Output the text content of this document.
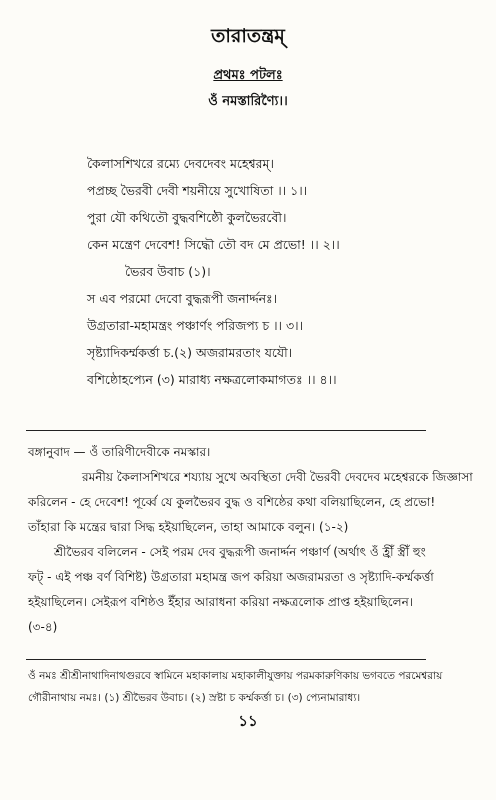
তারাতন্ত্রম্
প্রথমঃ পটলঃ
ওঁ নমস্তারিণ্যৈ।।
কৈলাসশিখরে রম্যে দেবদেবং মহেশ্বরম্।
পপ্রচ্ছ ভৈরবী দেবী শয়নীয়ে সুখোষিতা ।। ১।।
পুরা যৌ কথিতৌ বুদ্ধবশিষ্ঠৌ কুলভৈরবৌ।
কেন মন্ত্রেণ দেবেশ! সিদ্ধৌ তৌ বদ মে প্রভো! ।। ২।।
ভৈরব উবাচ (১)।
স এব পরমো দেবো বুদ্ধরূপী জনার্দ্দনঃ।
উগ্রতারা-মহামন্ত্রং পঞ্চার্ণং পরিজপ্য চ ।। ৩।।
সৃষ্ট্যাদিকর্ম্মকর্ত্তা চ.(২) অজরামরতাং যযৌ।
বশিষ্ঠোহপ্যেন (৩) মারাধ্য নক্ষত্রলোকমাগতঃ ।। ৪।।
বঙ্গানুবাদ — ওঁ তারিণীদেবীকে নমস্কার।
রমনীয় কৈলাসশিখরে শয্যায় সুখে অবস্থিতা দেবী ভৈরবী দেবদেব মহেশ্বরকে জিজ্ঞাসা
করিলেন - হে দেবেশ! পূর্ব্বে যে কুলভৈরব বুদ্ধ ও বশিষ্ঠের কথা বলিয়াছিলেন, হে প্রভো!
তাঁহারা কি মন্ত্রের দ্বারা সিদ্ধ হইয়াছিলেন, তাহা আমাকে বলুন। (১-২)
শ্রীভৈরব বলিলেন - সেই পরম দেব বুদ্ধরূপী জনার্দ্দন পঞ্চার্ণ (অর্থাৎ ওঁ হ্রীঁ স্ত্রীঁ হুং
ফট্ - এই পঞ্চ বর্ণ বিশিষ্ট) উগ্রতারা মহামন্ত্র জপ করিয়া অজরামরতা ও সৃষ্ট্যাদি-কর্ম্মকর্ত্তা
হইয়াছিলেন। সেইরূপ বশিষ্ঠও ইঁহার আরাধনা করিয়া নক্ষত্রলোক প্রাপ্ত হইয়াছিলেন।
(৩-৪)
ওঁ নমঃ শ্রীশ্রীনাথাদিনাথগুরবে স্বামিনে মহাকালায় মহাকালীযুক্তায় পরমকারুণিকায় ভগবতে পরমেশ্বরায়
গৌরীনাথায় নমঃ। (১) শ্রীভৈরব উবাচ। (২) স্রষ্টা চ কর্ম্মকর্ত্তা চ। (৩) প্যেনামারাধ্য।
১১
